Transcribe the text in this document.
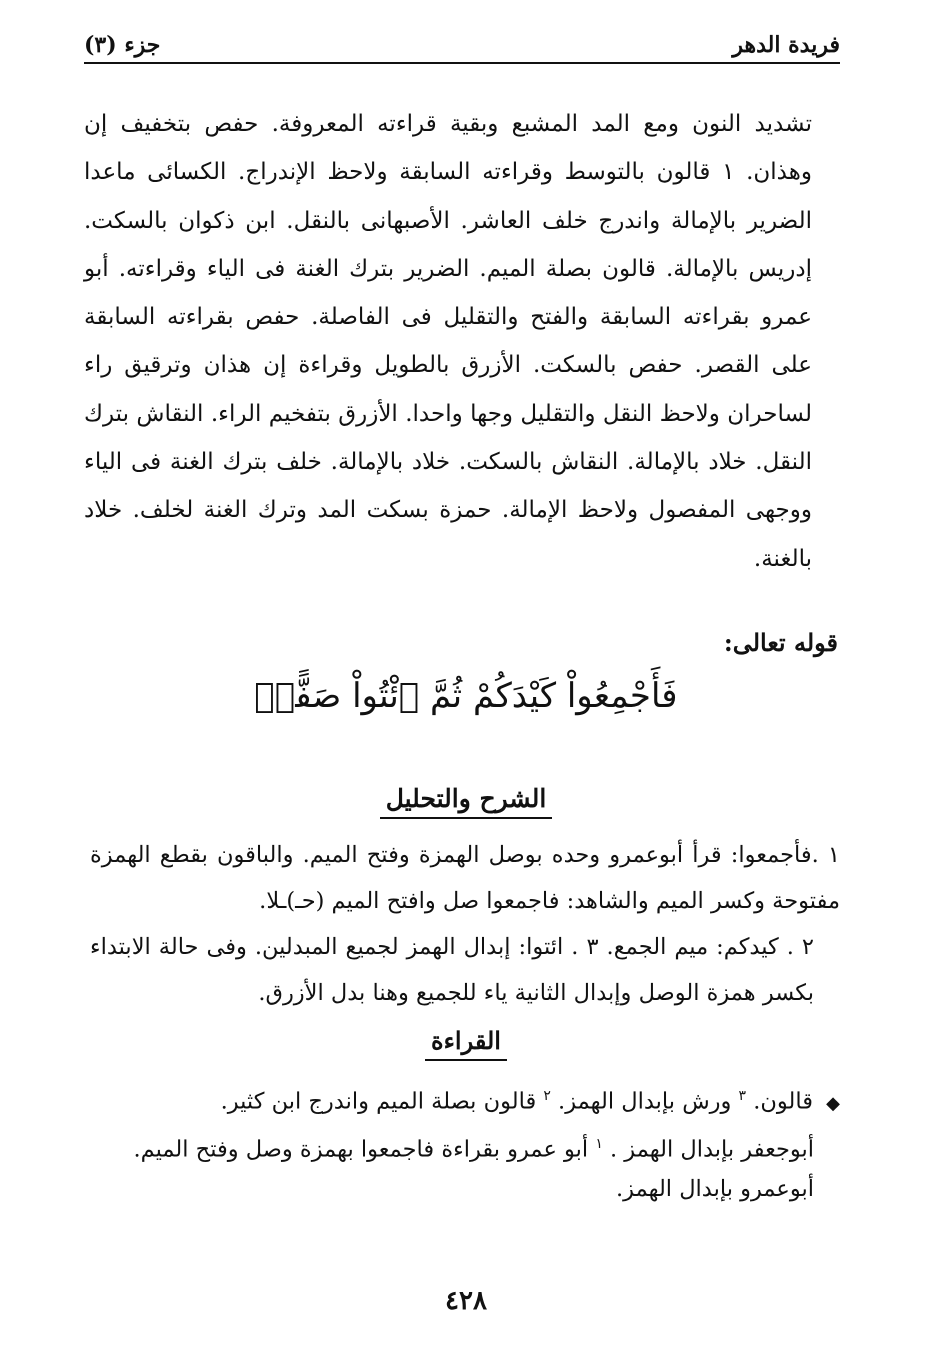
فريدة الدهر
جزء (٣)

تشديد النون ومع المد المشبع وبقية قراءته المعروفة. حفص بتخفيف إن وهذان. ١ قالون بالتوسط وقراءته السابقة ولاحظ الإندراج. الكسائى ماعدا الضرير بالإمالة واندرج خلف العاشر. الأصبهانى بالنقل. ابن ذكوان بالسكت. إدريس بالإمالة. قالون بصلة الميم. الضرير بترك الغنة فى الياء وقراءته. أبو عمرو بقراءته السابقة والفتح والتقليل فى الفاصلة. حفص بقراءته السابقة على القصر. حفص بالسكت. الأزرق بالطويل وقراءة إن هذان وترقيق راء لساحران ولاحظ النقل والتقليل وجها واحدا. الأزرق بتفخيم الراء. النقاش بترك النقل. خلاد بالإمالة. النقاش بالسكت. خلاد بالإمالة. خلف بترك الغنة فى الياء ووجهى المفصول ولاحظ الإمالة. حمزة بسكت المد وترك الغنة لخلف. خلاد بالغنة.

قوله تعالى:
فَأَجْمِعُواْ كَيْدَكُمْ ثُمَّ ٱئْتُواْ صَفًّاۚ
الشرح والتحليل

١ .فأجمعوا: قرأ أبوعمرو وحده بوصل الهمزة وفتح الميم. والباقون بقطع الهمزة مفتوحة وكسر الميم والشاهد: فاجمعوا صل وافتح الميم (حـ)ـلا.

٢ . كيدكم: ميم الجمع. ٣ . ائتوا: إبدال الهمز لجميع المبدلين. وفى حالة الابتداء بكسر همزة الوصل وإبدال الثانية ياء للجميع وهنا بدل الأزرق.

القراءة

◆ قالون. $^٣$ ورش بإبدال الهمز. $^٢$ قالون بصلة الميم واندرج ابن كثير.

أبوجعفر بإبدال الهمز . $^١$ أبو عمرو بقراءة فاجمعوا بهمزة وصل وفتح الميم.

أبوعمرو بإبدال الهمز.

٤٢٨
